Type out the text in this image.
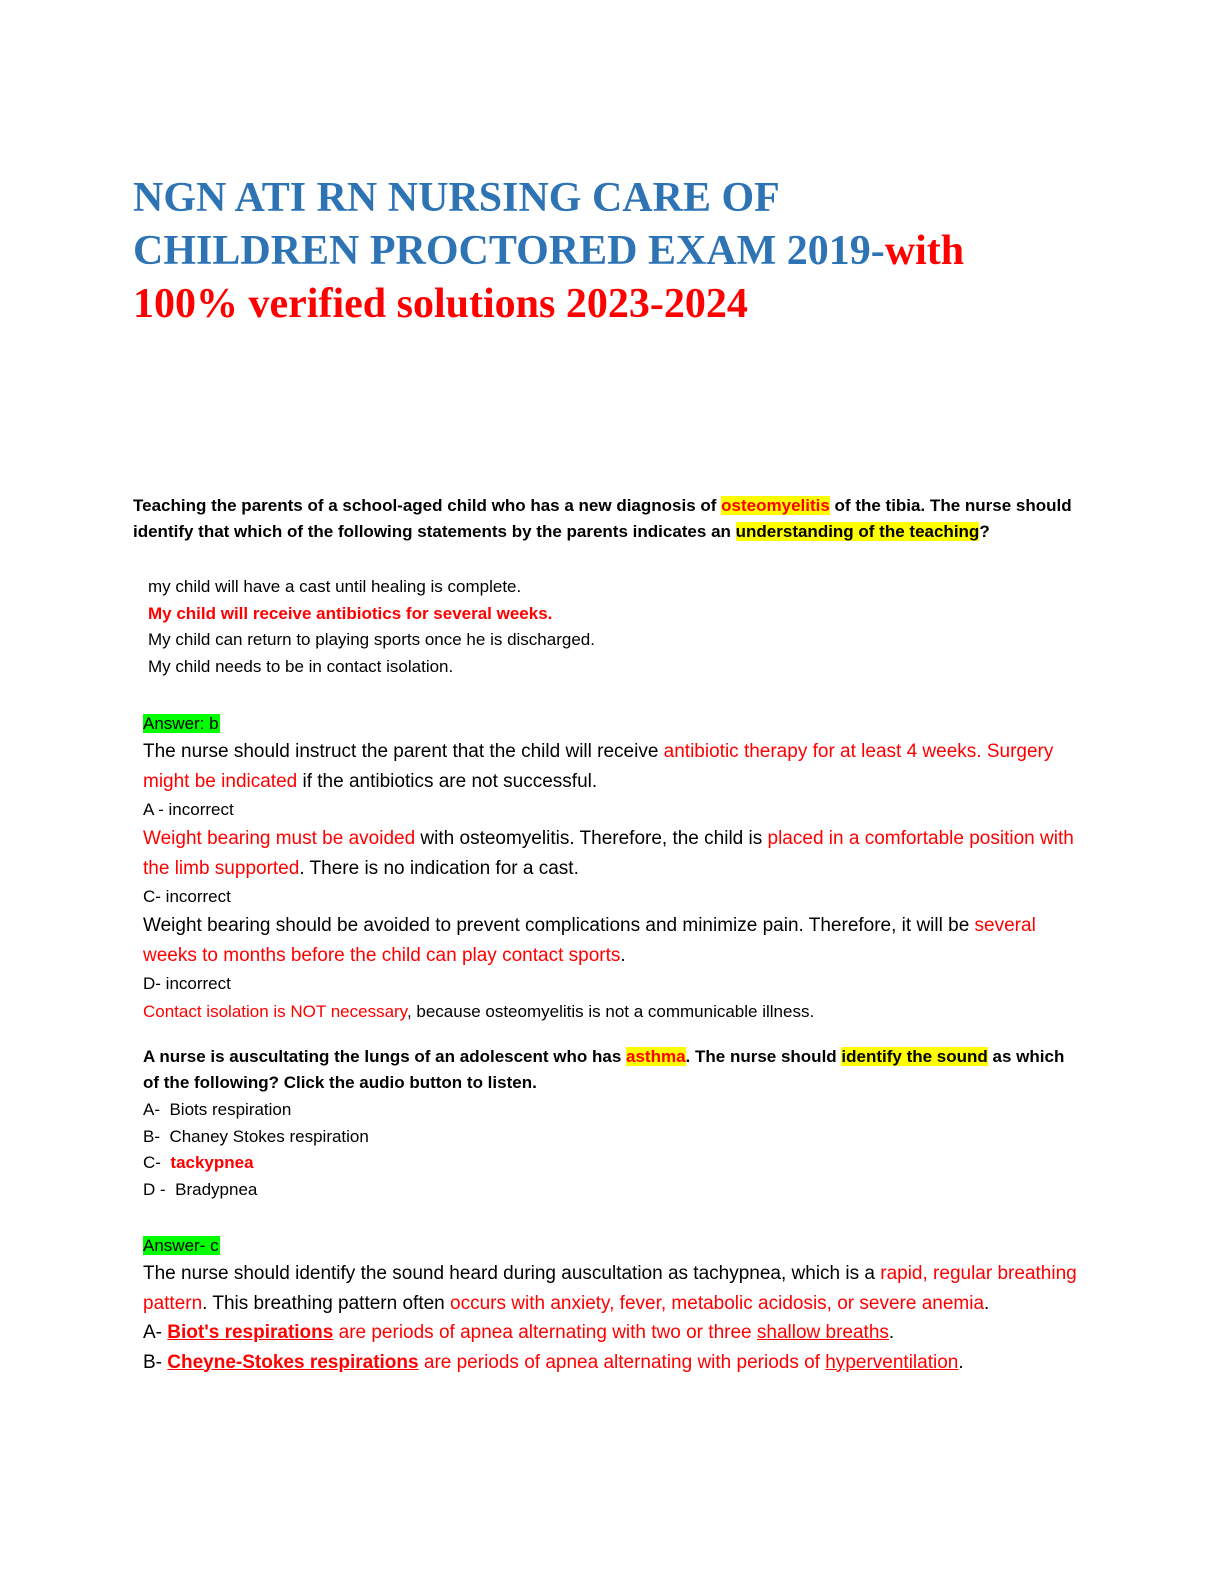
NGN ATI RN NURSING CARE OF
CHILDREN PROCTORED EXAM 2019-with
100% verified solutions 2023-2024

Teaching the parents of a school-aged child who has a new diagnosis of osteomyelitis of the tibia. The nurse should identify that which of the following statements by the parents indicates an understanding of the teaching?

my child will have a cast until healing is complete.

My child will receive antibiotics for several weeks.

My child can return to playing sports once he is discharged.

My child needs to be in contact isolation.

Answer: b

The nurse should instruct the parent that the child will receive antibiotic therapy for at least 4 weeks. Surgery might be indicated if the antibiotics are not successful.

A - incorrect

Weight bearing must be avoided with osteomyelitis. Therefore, the child is placed in a comfortable position with the limb supported. There is no indication for a cast.

C- incorrect

Weight bearing should be avoided to prevent complications and minimize pain. Therefore, it will be several weeks to months before the child can play contact sports.

D- incorrect

Contact isolation is NOT necessary, because osteomyelitis is not a communicable illness.

A nurse is auscultating the lungs of an adolescent who has asthma. The nurse should identify the sound as which of the following? Click the audio button to listen.

A- Biots respiration

B- Chaney Stokes respiration

C- tackypnea

D - Bradypnea

Answer- c

The nurse should identify the sound heard during auscultation as tachypnea, which is a rapid, regular breathing pattern. This breathing pattern often occurs with anxiety, fever, metabolic acidosis, or severe anemia.

A- Biot's respirations are periods of apnea alternating with two or three shallow breaths.

B- Cheyne-Stokes respirations are periods of apnea alternating with periods of hyperventilation.
